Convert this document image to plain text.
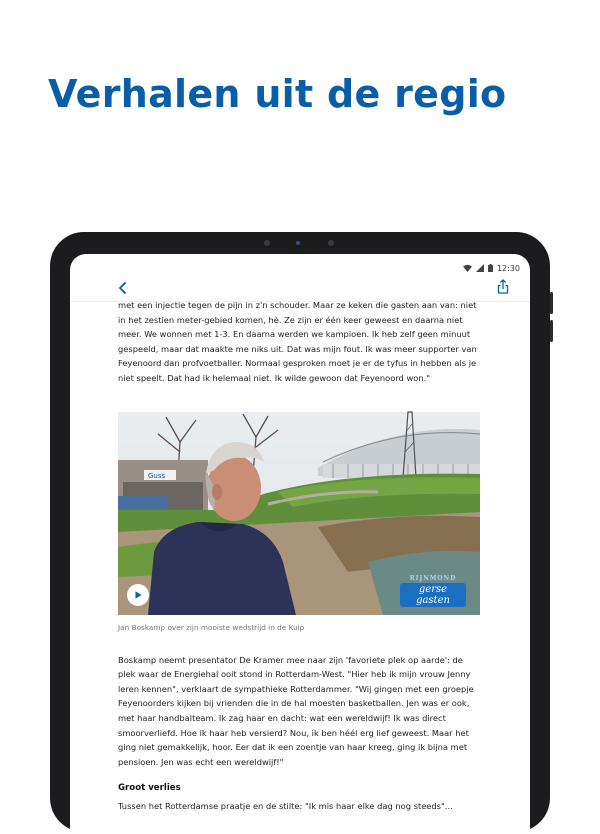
Verhalen uit de regio
12:30
met een injectie tegen de pijn in z'n schouder. Maar ze keken die gasten aan van: niet
in het zestien meter-gebied komen, hè. Ze zijn er één keer geweest en daarna niet
meer. We wonnen met 1-3. En daarna werden we kampioen. Ik heb zelf geen minuut
gespeeld, maar dat maakte me niks uit. Dat was mijn fout. Ik was meer supporter van
Feyenoord dan profvoetballer. Normaal gesproken moet je er de tyfus in hebben als je
niet speelt. Dat had ik helemaal niet. Ik wilde gewoon dat Feyenoord won."
Guss
RIJNMOND
gerse gasten
Jan Boskamp over zijn mooiste wedstrijd in de Kuip
Boskamp neemt presentator De Kramer mee naar zijn 'favoriete plek op aarde': de
plek waar de Energiehal ooit stond in Rotterdam-West. "Hier heb ik mijn vrouw Jenny
leren kennen", verklaart de sympathieke Rotterdammer. "Wij gingen met een groepje
Feyenoorders kijken bij vrienden die in de hal moesten basketballen. Jen was er ook,
met haar handbalteam. Ik zag haar en dacht: wat een wereldwijf! Ik was direct
smoorverliefd. Hoe ik haar heb versierd? Nou, ik ben héél erg lief geweest. Maar het
ging niet gemakkelijk, hoor. Eer dat ik een zoentje van haar kreeg, ging ik bijna met
pensioen. Jen was echt een wereldwijf!"
Groot verlies
Tussen het Rotterdamse praatje en de stilte: "Ik mis haar elke dag nog steeds"...
